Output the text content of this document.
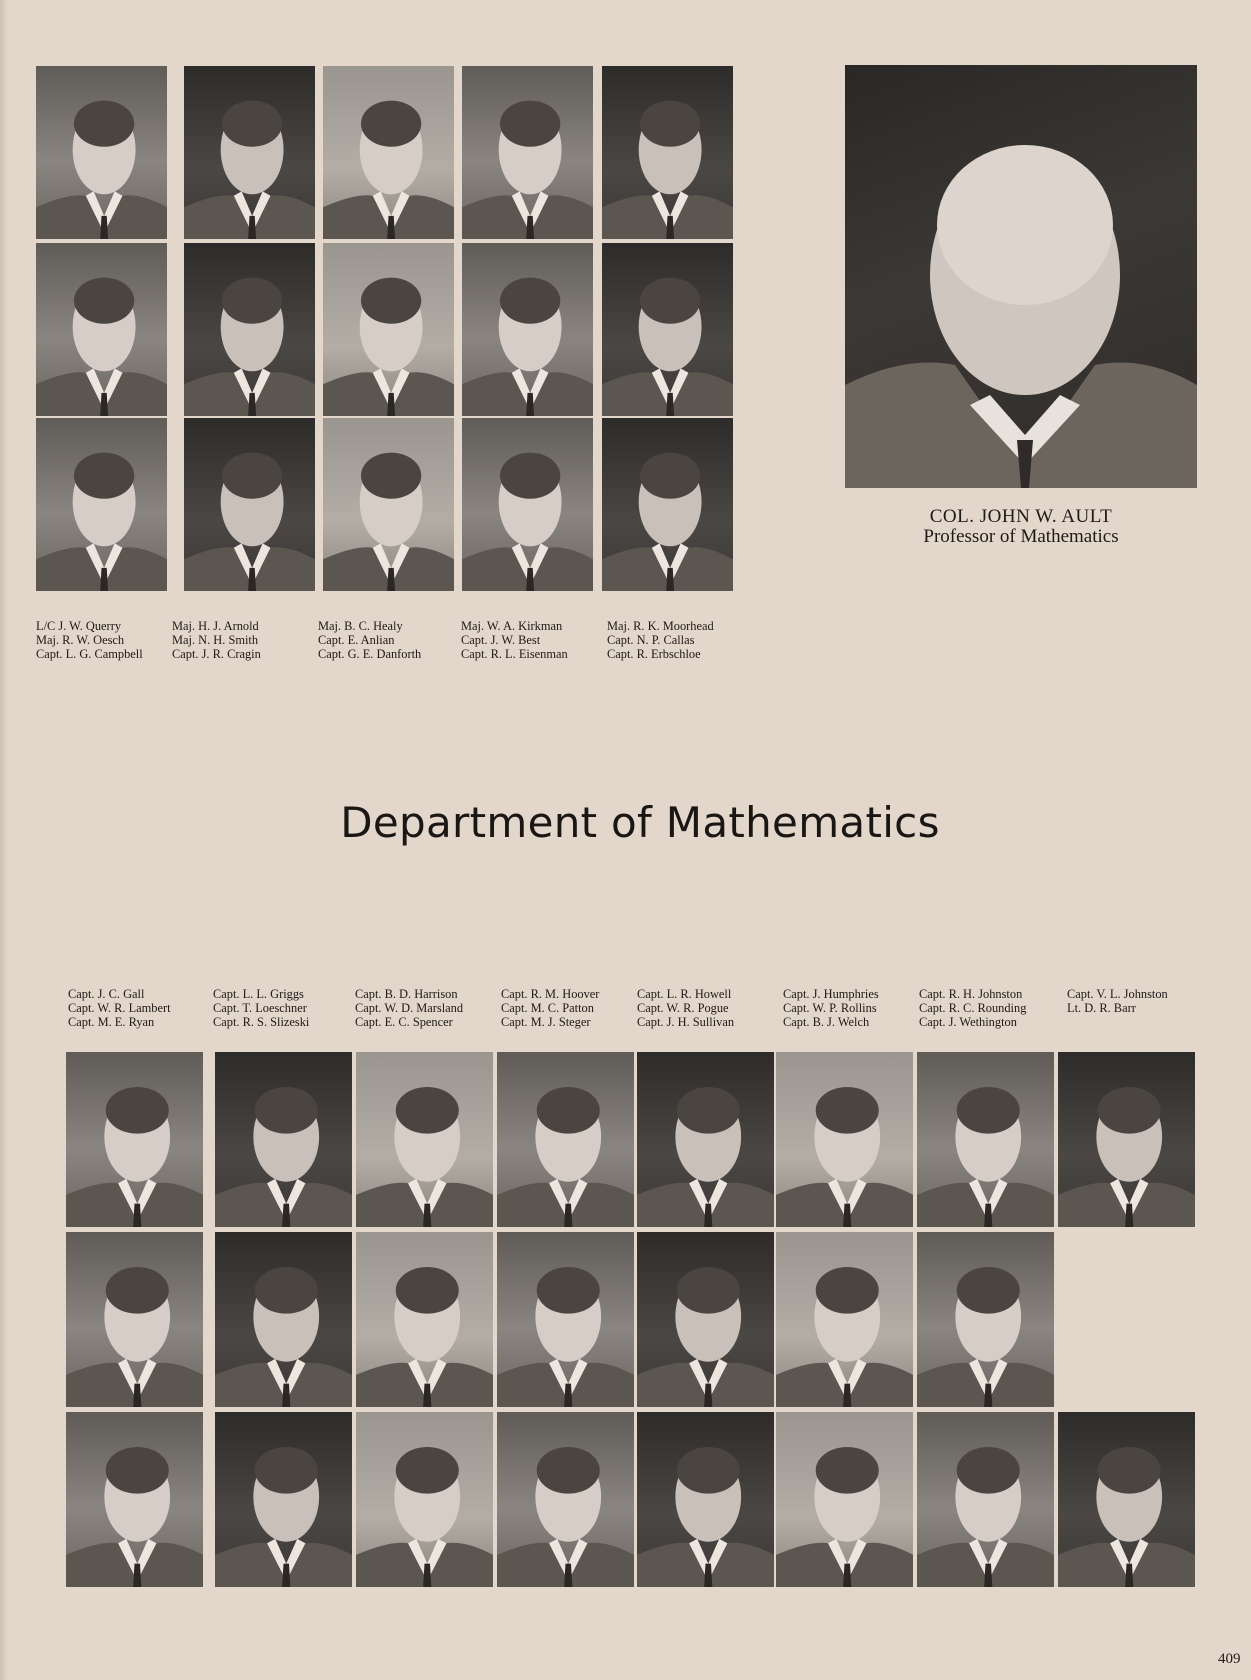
COL. JOHN W. AULT
Professor of Mathematics
L/C J. W. Querry
Maj. R. W. Oesch
Capt. L. G. Campbell
Maj. H. J. Arnold
Maj. N. H. Smith
Capt. J. R. Cragin
Maj. B. C. Healy
Capt. E. Anlian
Capt. G. E. Danforth
Maj. W. A. Kirkman
Capt. J. W. Best
Capt. R. L. Eisenman
Maj. R. K. Moorhead
Capt. N. P. Callas
Capt. R. Erbschloe
Department of Mathematics
Capt. J. C. Gall
Capt. W. R. Lambert
Capt. M. E. Ryan
Capt. L. L. Griggs
Capt. T. Loeschner
Capt. R. S. Slizeski
Capt. B. D. Harrison
Capt. W. D. Marsland
Capt. E. C. Spencer
Capt. R. M. Hoover
Capt. M. C. Patton
Capt. M. J. Steger
Capt. L. R. Howell
Capt. W. R. Pogue
Capt. J. H. Sullivan
Capt. J. Humphries
Capt. W. P. Rollins
Capt. B. J. Welch
Capt. R. H. Johnston
Capt. R. C. Rounding
Capt. J. Wethington
Capt. V. L. Johnston
Lt. D. R. Barr
409
